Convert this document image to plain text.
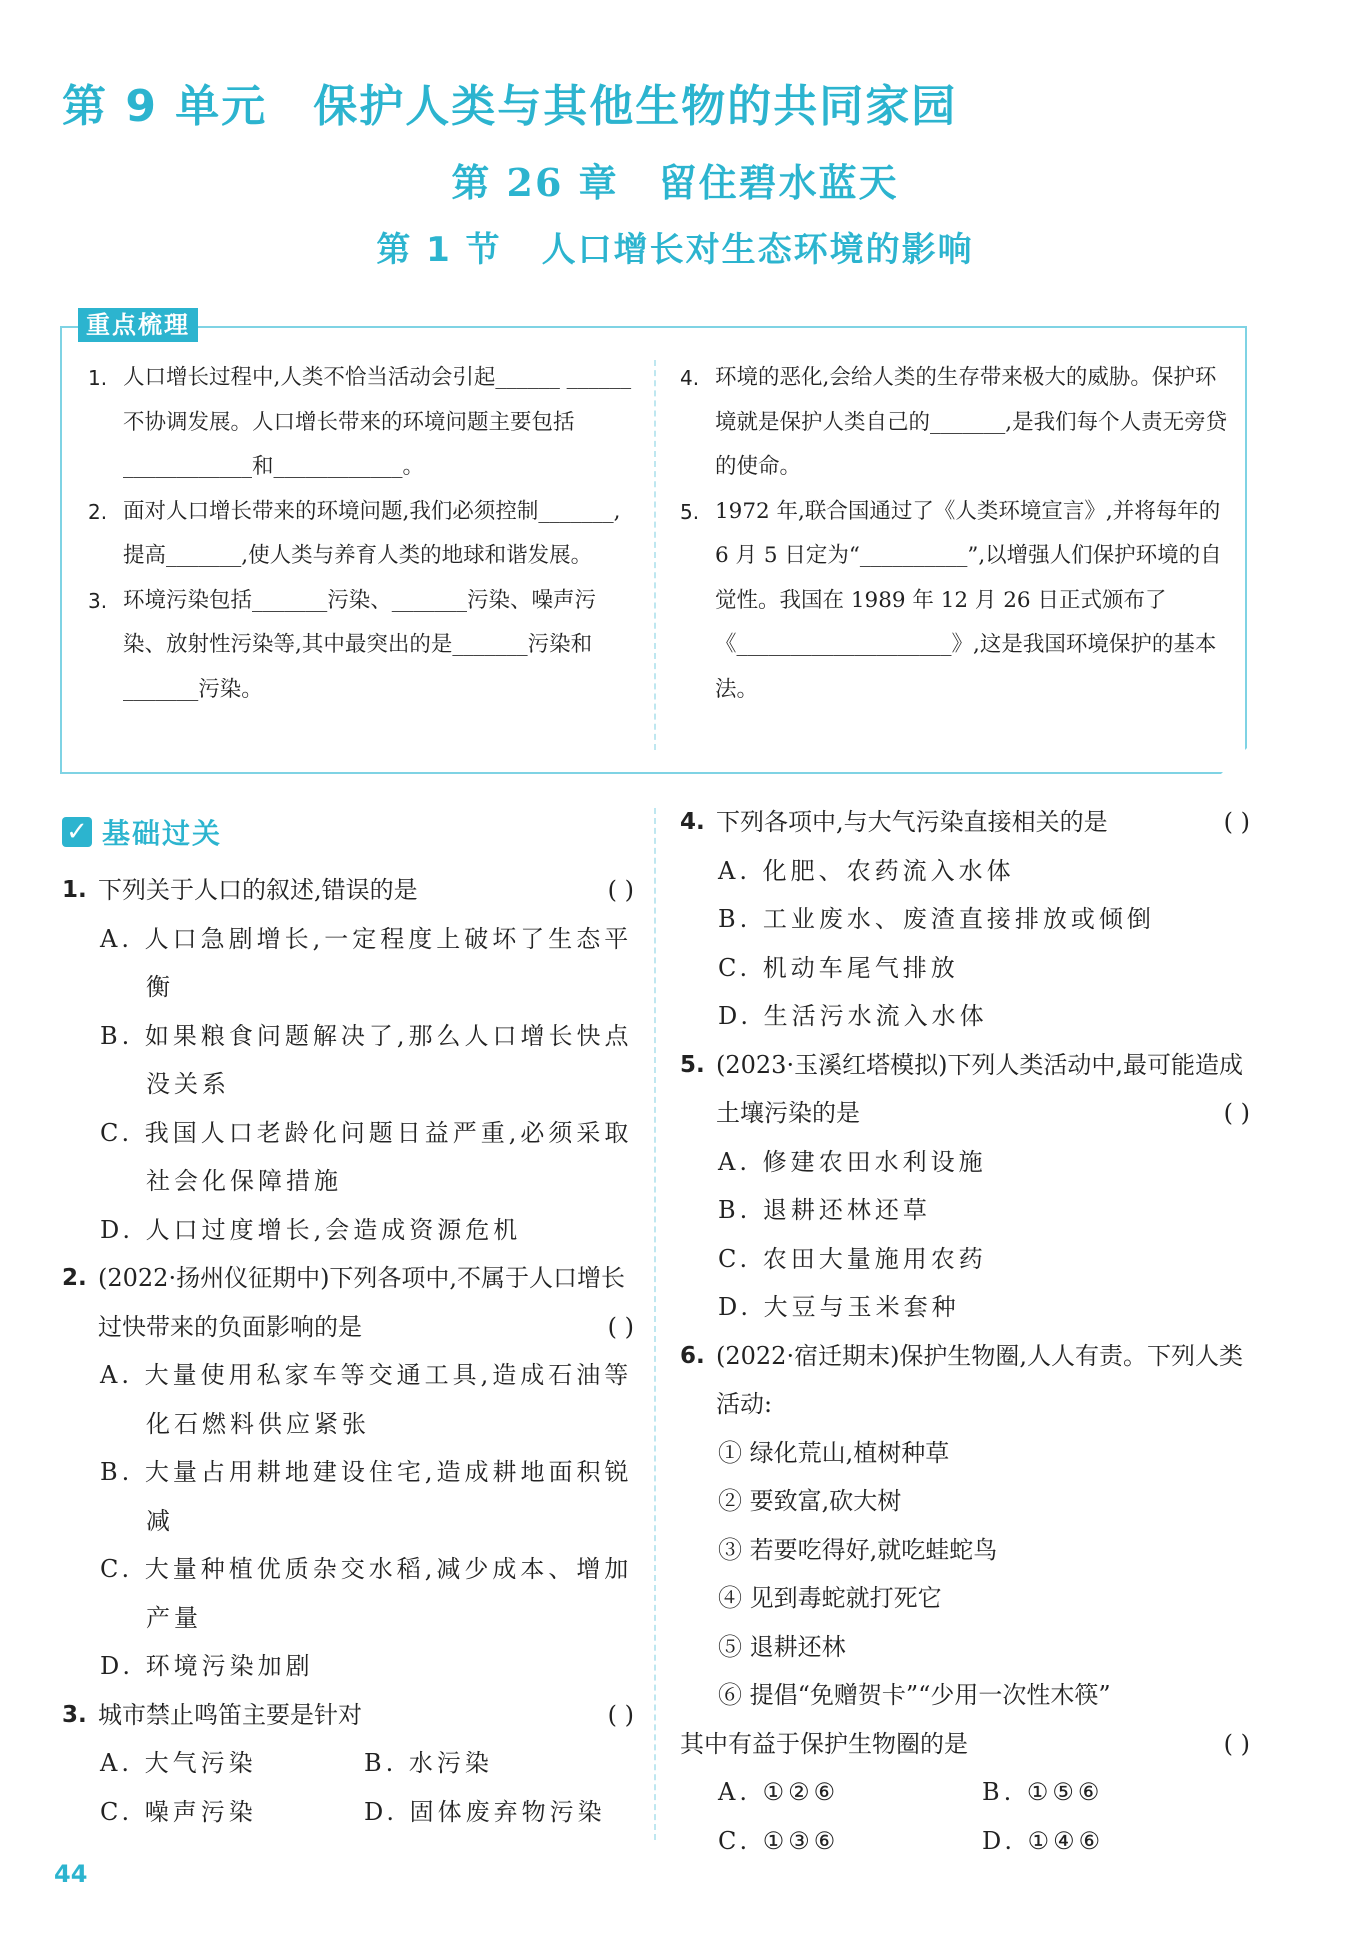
第 9 单元 保护人类与其他生物的共同家园
第 26 章 留住碧水蓝天
第 1 节 人口增长对生态环境的影响
重点梳理
1. 人口增长过程中,人类不恰当活动会引起______ ______不协调发展。人口增长带来的环境问题主要包括____________和____________。
2. 面对人口增长带来的环境问题,我们必须控制_______,提高_______,使人类与养育人类的地球和谐发展。
3. 环境污染包括_______污染、_______污染、噪声污染、放射性污染等,其中最突出的是_______污染和_______污染。
4. 环境的恶化,会给人类的生存带来极大的威胁。保护环境就是保护人类自己的_______,是我们每个人责无旁贷的使命。
5. 1972 年,联合国通过了《人类环境宣言》,并将每年的 6 月 5 日定为“__________”,以增强人们保护环境的自觉性。我国在 1989 年 12 月 26 日正式颁布了《____________________》,这是我国环境保护的基本法。
✓ 基础过关
1. 下列关于人口的叙述,错误的是	( )
A. 人口急剧增长,一定程度上破坏了生态平衡
B. 如果粮食问题解决了,那么人口增长快点没关系
C. 我国人口老龄化问题日益严重,必须采取社会化保障措施
D. 人口过度增长,会造成资源危机
2. (2022·扬州仪征期中)下列各项中,不属于人口增长过快带来的负面影响的是	( )
A. 大量使用私家车等交通工具,造成石油等化石燃料供应紧张
B. 大量占用耕地建设住宅,造成耕地面积锐减
C. 大量种植优质杂交水稻,减少成本、增加产量
D. 环境污染加剧
3. 城市禁止鸣笛主要是针对	( )
A. 大气污染	B. 水污染
C. 噪声污染	D. 固体废弃物污染
4. 下列各项中,与大气污染直接相关的是	( )
A. 化肥、农药流入水体
B. 工业废水、废渣直接排放或倾倒
C. 机动车尾气排放
D. 生活污水流入水体
5. (2023·玉溪红塔模拟)下列人类活动中,最可能造成土壤污染的是	( )
A. 修建农田水利设施
B. 退耕还林还草
C. 农田大量施用农药
D. 大豆与玉米套种
6. (2022·宿迁期末)保护生物圈,人人有责。下列人类活动:
① 绿化荒山,植树种草
② 要致富,砍大树
③ 若要吃得好,就吃蛙蛇鸟
④ 见到毒蛇就打死它
⑤ 退耕还林
⑥ 提倡“免赠贺卡”“少用一次性木筷”
其中有益于保护生物圈的是	( )
A. ①②⑥	B. ①⑤⑥
C. ①③⑥	D. ①④⑥
44
